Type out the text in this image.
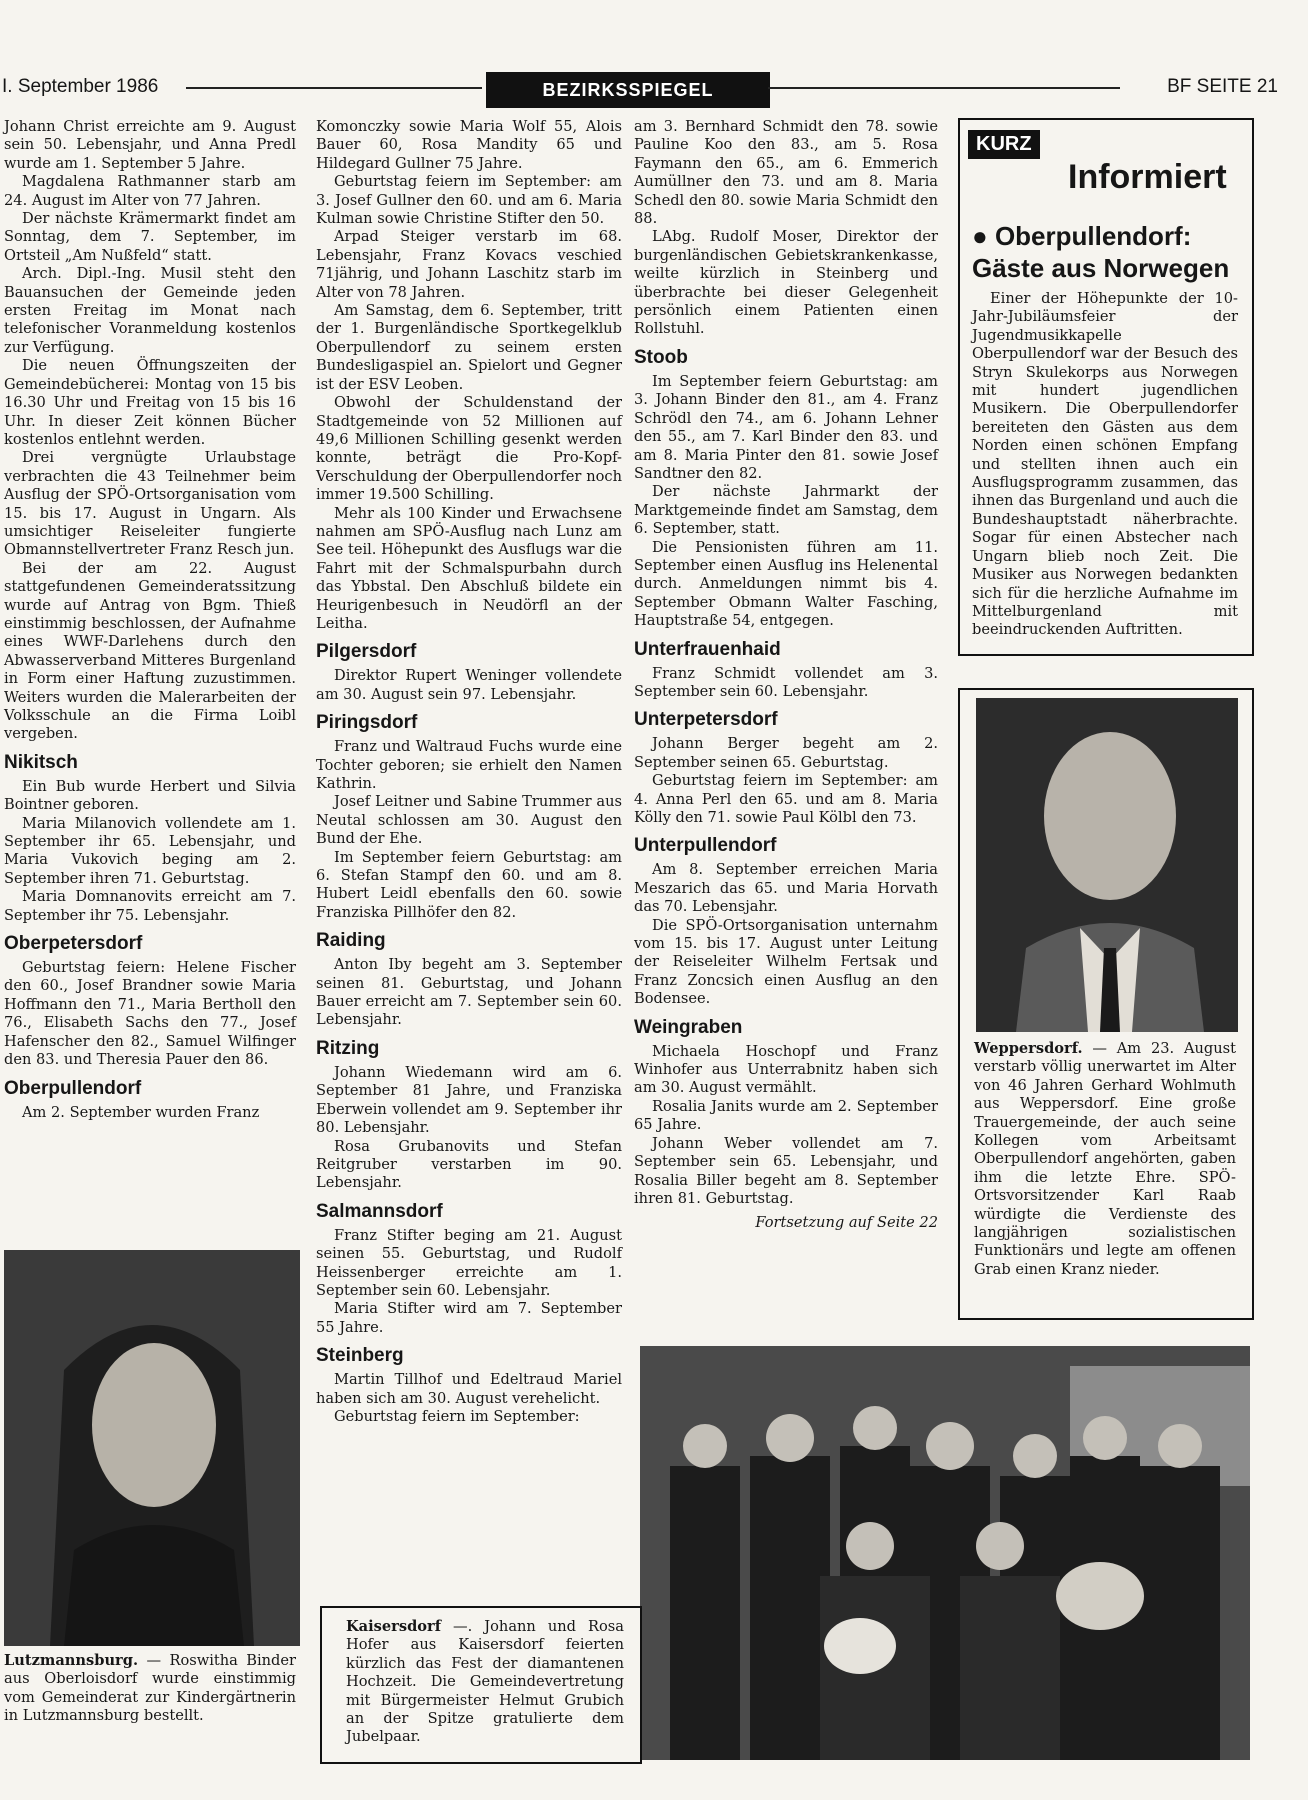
I. September 1986	BEZIRKSSPIEGEL	BF SEITE 21

Johann Christ erreichte am 9. August sein 50. Lebensjahr, und Anna Predl wurde am 1. September 5 Jahre.

Magdalena Rathmanner starb am 24. August im Alter von 77 Jahren.

Der nächste Krämermarkt findet am Sonntag, dem 7. September, im Ortsteil „Am Nußfeld“ statt.

Arch. Dipl.-Ing. Musil steht den Bauansuchen der Gemeinde jeden ersten Freitag im Monat nach telefonischer Voranmeldung kostenlos zur Verfügung.

Die neuen Öffnungszeiten der Gemeindebücherei: Montag von 15 bis 16.30 Uhr und Freitag von 15 bis 16 Uhr. In dieser Zeit können Bücher kostenlos entlehnt werden.

Drei vergnügte Urlaubstage verbrachten die 43 Teilnehmer beim Ausflug der SPÖ-Ortsorganisation vom 15. bis 17. August in Ungarn. Als umsichtiger Reiseleiter fungierte Obmannstellvertreter Franz Resch jun.

Bei der am 22. August stattgefundenen Gemeinderatssitzung wurde auf Antrag von Bgm. Thieß einstimmig beschlossen, der Aufnahme eines WWF-Darlehens durch den Abwasserverband Mitteres Burgenland in Form einer Haftung zuzustimmen. Weiters wurden die Malerarbeiten der Volksschule an die Firma Loibl vergeben.

Nikitsch

Ein Bub wurde Herbert und Silvia Bointner geboren.

Maria Milanovich vollendete am 1. September ihr 65. Lebensjahr, und Maria Vukovich beging am 2. September ihren 71. Geburtstag.

Maria Domnanovits erreicht am 7. September ihr 75. Lebensjahr.

Oberpetersdorf

Geburtstag feiern: Helene Fischer den 60., Josef Brandner sowie Maria Hoffmann den 71., Maria Bertholl den 76., Elisabeth Sachs den 77., Josef Hafenscher den 82., Samuel Wilfinger den 83. und Theresia Pauer den 86.

Oberpullendorf

Am 2. September wurden Franz

Lutzmannsburg. — Roswitha Binder aus Oberloisdorf wurde einstimmig vom Gemeinderat zur Kindergärtnerin in Lutzmannsburg bestellt.

Komonczky sowie Maria Wolf 55, Alois Bauer 60, Rosa Mandity 65 und Hildegard Gullner 75 Jahre.

Geburtstag feiern im September: am 3. Josef Gullner den 60. und am 6. Maria Kulman sowie Christine Stifter den 50.

Arpad Steiger verstarb im 68. Lebensjahr, Franz Kovacs veschied 71jährig, und Johann Laschitz starb im Alter von 78 Jahren.

Am Samstag, dem 6. September, tritt der 1. Burgenländische Sportkegelklub Oberpullendorf zu seinem ersten Bundesligaspiel an. Spielort und Gegner ist der ESV Leoben.

Obwohl der Schuldenstand der Stadtgemeinde von 52 Millionen auf 49,6 Millionen Schilling gesenkt werden konnte, beträgt die Pro-Kopf-Verschuldung der Oberpullendorfer noch immer 19.500 Schilling.

Mehr als 100 Kinder und Erwachsene nahmen am SPÖ-Ausflug nach Lunz am See teil. Höhepunkt des Ausflugs war die Fahrt mit der Schmalspurbahn durch das Ybbstal. Den Abschluß bildete ein Heurigenbesuch in Neudörfl an der Leitha.

Pilgersdorf

Direktor Rupert Weninger vollendete am 30. August sein 97. Lebensjahr.

Piringsdorf

Franz und Waltraud Fuchs wurde eine Tochter geboren; sie erhielt den Namen Kathrin.

Josef Leitner und Sabine Trummer aus Neutal schlossen am 30. August den Bund der Ehe.

Im September feiern Geburtstag: am 6. Stefan Stampf den 60. und am 8. Hubert Leidl ebenfalls den 60. sowie Franziska Pillhöfer den 82.

Raiding

Anton Iby begeht am 3. September seinen 81. Geburtstag, und Johann Bauer erreicht am 7. September sein 60. Lebensjahr.

Ritzing

Johann Wiedemann wird am 6. September 81 Jahre, und Franziska Eberwein vollendet am 9. September ihr 80. Lebensjahr.

Rosa Grubanovits und Stefan Reitgruber verstarben im 90. Lebensjahr.

Salmannsdorf

Franz Stifter beging am 21. August seinen 55. Geburtstag, und Rudolf Heissenberger erreichte am 1. September sein 60. Lebensjahr.

Maria Stifter wird am 7. September 55 Jahre.

Steinberg

Martin Tillhof und Edeltraud Mariel haben sich am 30. August verehelicht.

Geburtstag feiern im September:

am 3. Bernhard Schmidt den 78. sowie Pauline Koo den 83., am 5. Rosa Faymann den 65., am 6. Emmerich Aumüllner den 73. und am 8. Maria Schedl den 80. sowie Maria Schmidt den 88.

LAbg. Rudolf Moser, Direktor der burgenländischen Gebietskrankenkasse, weilte kürzlich in Steinberg und überbrachte bei dieser Gelegenheit persönlich einem Patienten einen Rollstuhl.

Stoob

Im September feiern Geburtstag: am 3. Johann Binder den 81., am 4. Franz Schrödl den 74., am 6. Johann Lehner den 55., am 7. Karl Binder den 83. und am 8. Maria Pinter den 81. sowie Josef Sandtner den 82.

Der nächste Jahrmarkt der Marktgemeinde findet am Samstag, dem 6. September, statt.

Die Pensionisten führen am 11. September einen Ausflug ins Helenental durch. Anmeldungen nimmt bis 4. September Obmann Walter Fasching, Hauptstraße 54, entgegen.

Unterfrauenhaid

Franz Schmidt vollendet am 3. September sein 60. Lebensjahr.

Unterpetersdorf

Johann Berger begeht am 2. September seinen 65. Geburtstag.

Geburtstag feiern im September: am 4. Anna Perl den 65. und am 8. Maria Kölly den 71. sowie Paul Kölbl den 73.

Unterpullendorf

Am 8. September erreichen Maria Meszarich das 65. und Maria Horvath das 70. Lebensjahr.

Die SPÖ-Ortsorganisation unternahm vom 15. bis 17. August unter Leitung der Reiseleiter Wilhelm Fertsak und Franz Zoncsich einen Ausflug an den Bodensee.

Weingraben

Michaela Hoschopf und Franz Winhofer aus Unterrabnitz haben sich am 30. August vermählt.

Rosalia Janits wurde am 2. September 65 Jahre.

Johann Weber vollendet am 7. September sein 65. Lebensjahr, und Rosalia Biller begeht am 8. September ihren 81. Geburtstag.

Fortsetzung auf Seite 22

KURZ
Informiert

● Oberpullendorf:

Gäste aus Norwegen

Einer der Höhepunkte der 10-Jahr-Jubiläumsfeier der Jugendmusikkapelle Oberpullendorf war der Besuch des Stryn Skulekorps aus Norwegen mit hundert jugendlichen Musikern. Die Oberpullendorfer bereiteten den Gästen aus dem Norden einen schönen Empfang und stellten ihnen auch ein Ausflugsprogramm zusammen, das ihnen das Burgenland und auch die Bundeshauptstadt näherbrachte. Sogar für einen Abstecher nach Ungarn blieb noch Zeit. Die Musiker aus Norwegen bedankten sich für die herzliche Aufnahme im Mittelburgenland mit beeindruckenden Auftritten.

Weppersdorf. — Am 23. August verstarb völlig unerwartet im Alter von 46 Jahren Gerhard Wohlmuth aus Weppersdorf. Eine große Trauergemeinde, der auch seine Kollegen vom Arbeitsamt Oberpullendorf angehörten, gaben ihm die letzte Ehre. SPÖ-Ortsvorsitzender Karl Raab würdigte die Verdienste des langjährigen sozialistischen Funktionärs und legte am offenen Grab einen Kranz nieder.
Kaisersdorf —. Johann und Rosa Hofer aus Kaisersdorf feierten kürzlich das Fest der diamantenen Hochzeit. Die Gemeindevertretung mit Bürgermeister Helmut Grubich an der Spitze gratulierte dem Jubelpaar.
